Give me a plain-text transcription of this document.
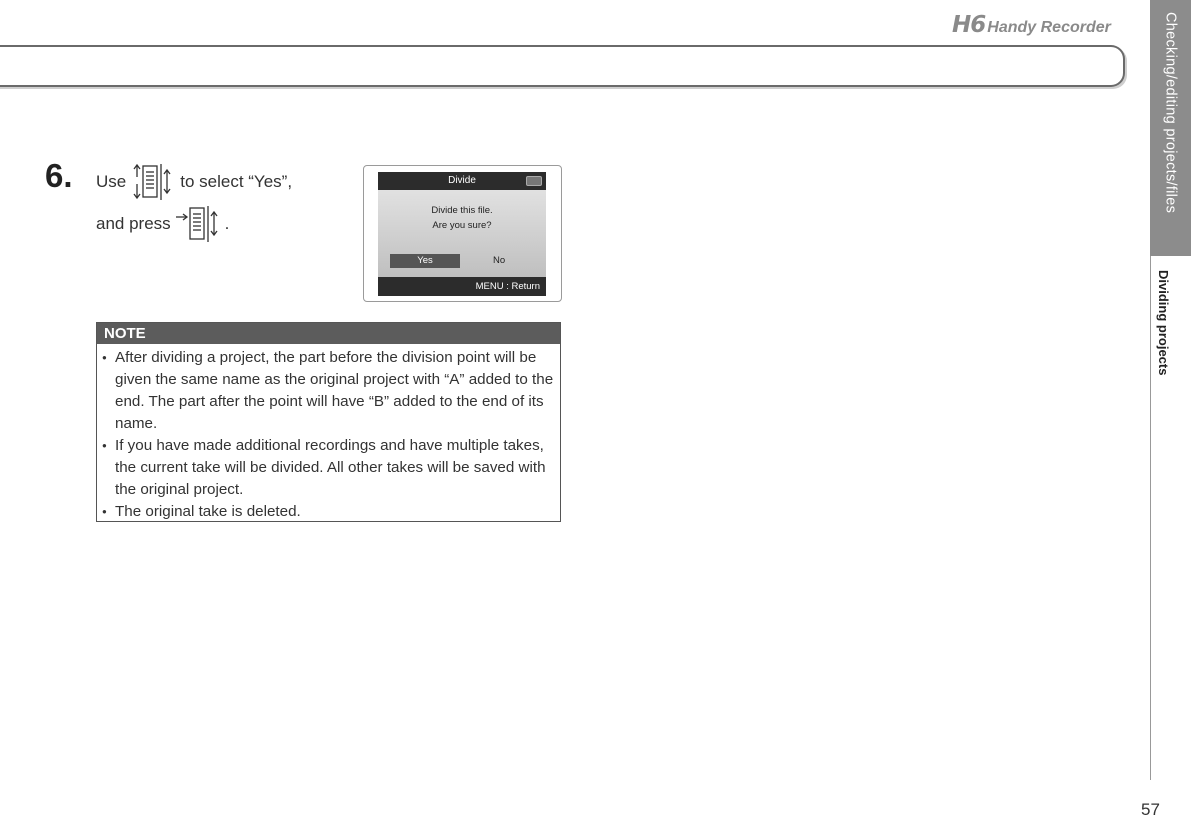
H6 Handy Recorder	Checking/editing projects/files
Dividing projects
6. Use	to select “Yes”,
and press	.
Divide
Divide this file.
Are you sure?
Yes	No
MENU : Return
NOTE
● After dividing a project, the part before the division point will be given the same name as the original project with “A” added to the end. The part after the point will have “B” added to the end of its name.
● If you have made additional recordings and have multiple takes, the current take will be divided. All other takes will be saved with the original project.
● The original take is deleted.
57
